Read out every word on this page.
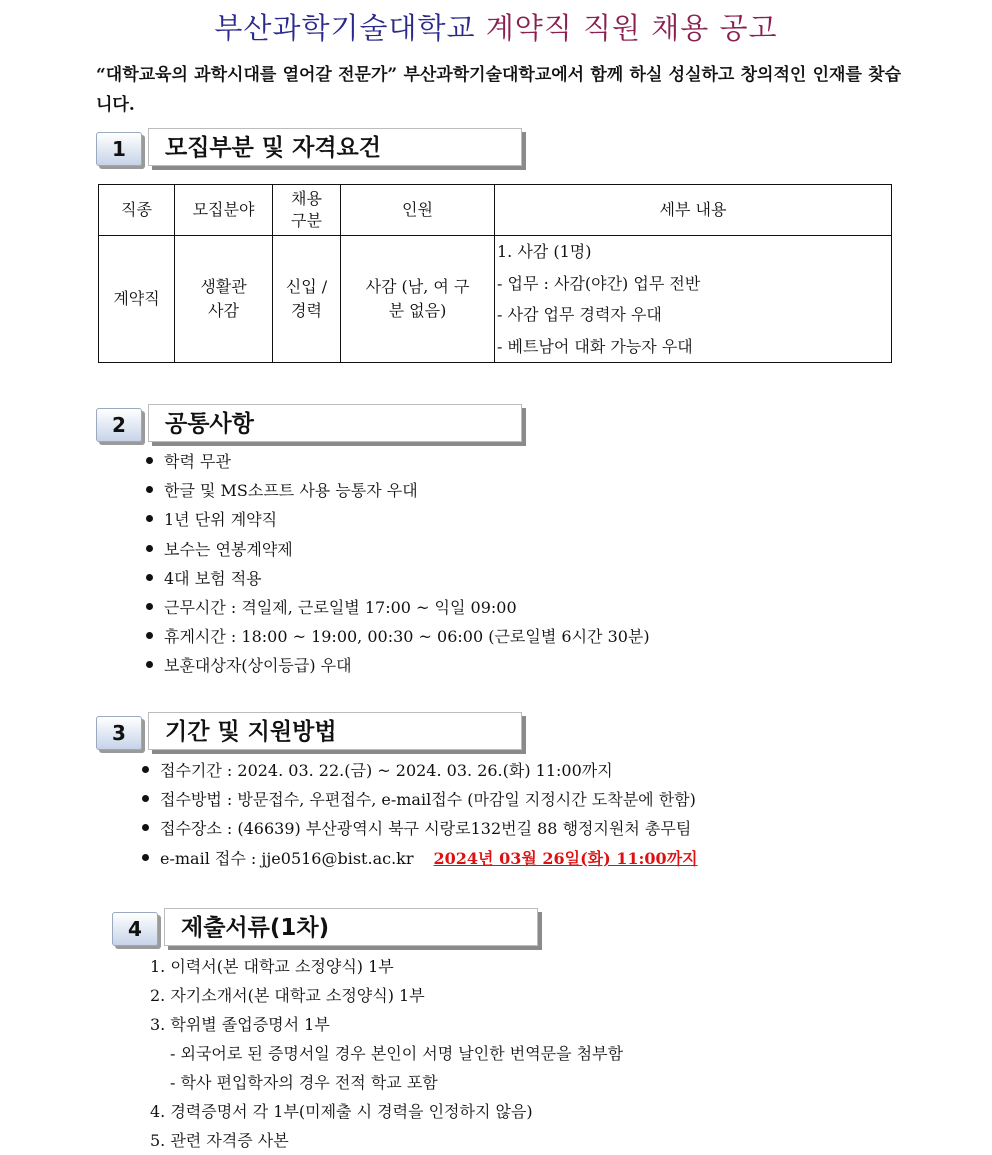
부산과학기술대학교 계약직 직원 채용 공고
“대학교육의 과학시대를 열어갈 전문가” 부산과학기술대학교에서 함께 하실 성실하고 창의적인 인재를 찾습니다.
1	모집부분 및 자격요건
직종	모집분야	채용 구분	인원	세부 내용
계약직	생활관 사감	신입 / 경력	사감 (남, 여 구분 없음)	1. 사감 (1명)
- 업무 : 사감(야간) 업무 전반
- 사감 업무 경력자 우대
- 베트남어 대화 가능자 우대
2	공통사항
학력 무관
한글 및 MS소프트 사용 능통자 우대
1년 단위 계약직
보수는 연봉계약제
4대 보험 적용
근무시간 : 격일제, 근로일별 17:00 ~ 익일 09:00
휴게시간 : 18:00 ~ 19:00, 00:30 ~ 06:00 (근로일별 6시간 30분)
보훈대상자(상이등급) 우대
3	기간 및 지원방법
접수기간 : 2024. 03. 22.(금) ~ 2024. 03. 26.(화) 11:00까지
접수방법 : 방문접수, 우편접수, e-mail접수 (마감일 지정시간 도착분에 한함)
접수장소 : (46639) 부산광역시 북구 시랑로132번길 88 행정지원처 총무팀
e-mail 접수 : jje0516@bist.ac.kr 2024년 03월 26일(화) 11:00까지
4	제출서류(1차)
1. 이력서(본 대학교 소정양식) 1부
2. 자기소개서(본 대학교 소정양식) 1부
3. 학위별 졸업증명서 1부
- 외국어로 된 증명서일 경우 본인이 서명 날인한 번역문을 첨부함
- 학사 편입학자의 경우 전적 학교 포함
4. 경력증명서 각 1부(미제출 시 경력을 인정하지 않음)
5. 관련 자격증 사본
